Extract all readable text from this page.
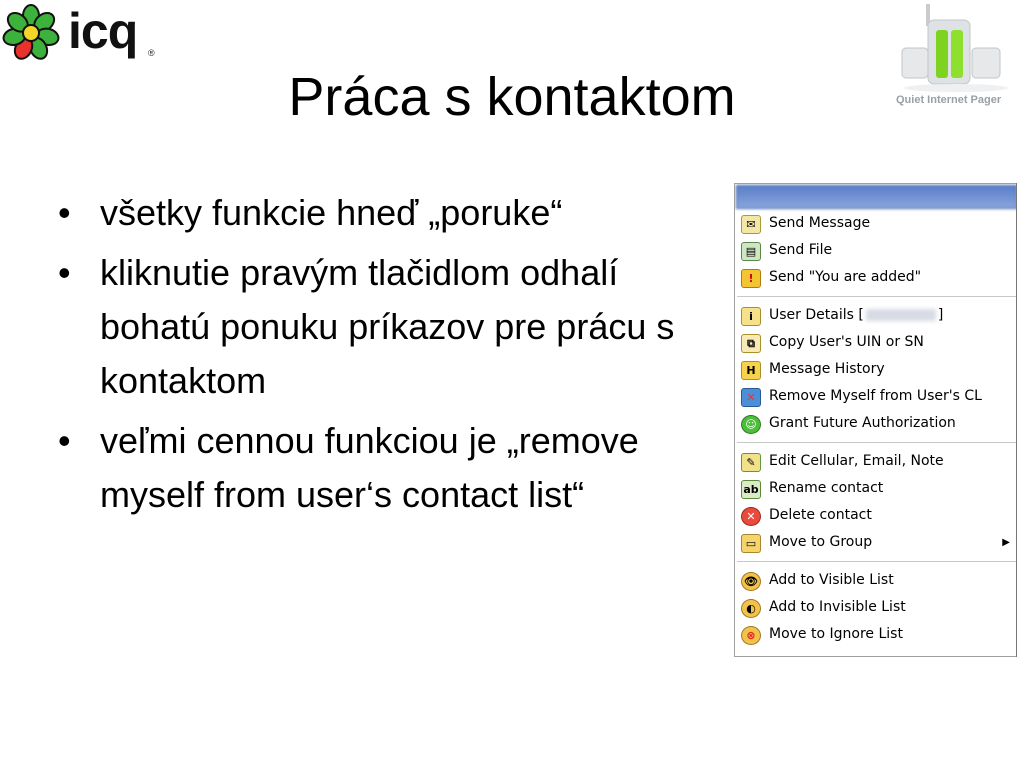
icq ®
Quiet Internet Pager
Práca s kontaktom
• všetky funkcie hneď „poruke“
• kliknutie pravým tlačidlom odhalí bohatú ponuku príkazov pre prácu s kontaktom
• veľmi cennou funkciou je „remove myself from user‘s contact list“
✉ Send Message
▤ Send File
!	Send "You are added"
i	User Details [	]
⧉	Copy User's UIN or SN
H Message History
✕ Remove Myself from User's CL
☺ Grant Future Authorization
✎ Edit Cellular, Email, Note
ab Rename contact
✕ Delete contact
▭ Move to Group	▶
👁 Add to Visible List
◐ Add to Invisible List
⊗ Move to Ignore List
